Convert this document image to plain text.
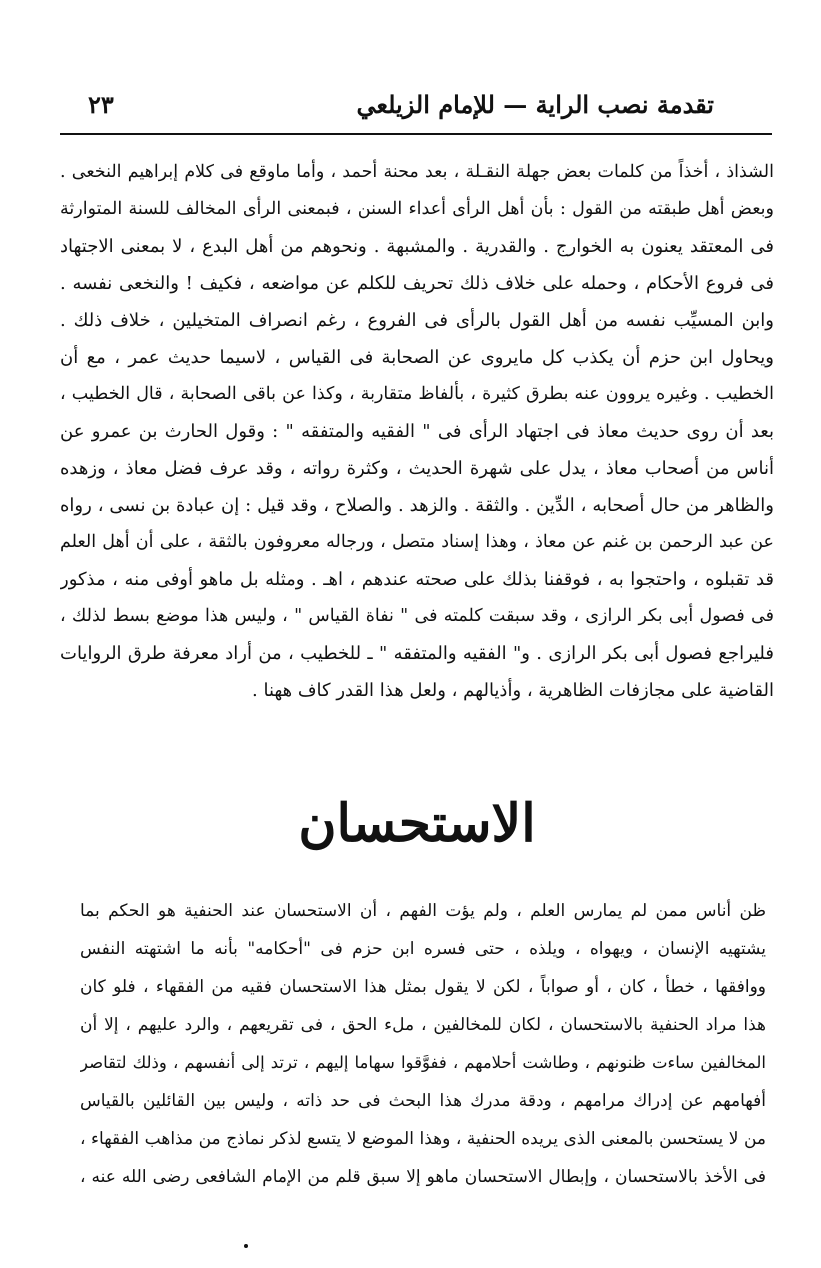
تقدمة نصب الراية — للإمام الزيلعي
٢٣
الشذاذ ، أخذاً من كلمات بعض جهلة النقـلة ، بعد محنة أحمد ، وأما ماوقع فى كلام إبراهيم النخعى .
وبعض أهل طبقته من القول : بأن أهل الرأى أعداء السنن ، فبمعنى الرأى المخالف للسنة المتوارثة
فى المعتقد يعنون به الخوارج . والقدرية . والمشبهة . ونحوهم من أهل البدع ، لا بمعنى الاجتهاد
فى فروع الأحكام ، وحمله على خلاف ذلك تحريف للكلم عن مواضعه ، فكيف ! والنخعى نفسه .
وابن المسيِّب نفسه من أهل القول بالرأى فى الفروع ، رغم انصراف المتخيلين ، خلاف ذلك .
ويحاول ابن حزم أن يكذب كل مايروى عن الصحابة فى القياس ، لاسيما حديث عمر ، مع أن
الخطيب . وغيره يروون عنه بطرق كثيرة ، بألفاظ متقاربة ، وكذا عن باقى الصحابة ، قال الخطيب ،
بعد أن روى حديث معاذ فى اجتهاد الرأى فى " الفقيه والمتفقه " : وقول الحارث بن عمرو عن
أناس من أصحاب معاذ ، يدل على شهرة الحديث ، وكثرة رواته ، وقد عرف فضل معاذ ، وزهده
والظاهر من حال أصحابه ، الدِّين . والثقة . والزهد . والصلاح ، وقد قيل : إن عبادة بن نسى ، رواه
عن عبد الرحمن بن غنم عن معاذ ، وهذا إسناد متصل ، ورجاله معروفون بالثقة ، على أن أهل العلم
قد تقبلوه ، واحتجوا به ، فوقفنا بذلك على صحته عندهم ، اهـ . ومثله بل ماهو أوفى منه ، مذكور
فى فصول أبى بكر الرازى ، وقد سبقت كلمته فى " نفاة القياس " ، وليس هذا موضع بسط لذلك ،
فليراجع فصول أبى بكر الرازى . و" الفقيه والمتفقه " ـ للخطيب ، من أراد معرفة طرق الروايات
القاضية على مجازفات الظاهرية ، وأذيالهم ، ولعل هذا القدر كاف ههنا .
الاستحسان
ظن أناس ممن لم يمارس العلم ، ولم يؤت الفهم ، أن الاستحسان عند الحنفية هو الحكم بما
يشتهيه الإنسان ، ويهواه ، ويلذه ، حتى فسره ابن حزم فى "أحكامه" بأنه ما اشتهته النفس
ووافقها ، خطأ ، كان ، أو صواباً ، لكن لا يقول بمثل هذا الاستحسان فقيه من الفقهاء ، فلو كان
هذا مراد الحنفية بالاستحسان ، لكان للمخالفين ، ملء الحق ، فى تقريعهم ، والرد عليهم ، إلا أن
المخالفين ساءت ظنونهم ، وطاشت أحلامهم ، ففوَّقوا سهاما إليهم ، ترتد إلى أنفسهم ، وذلك لتقاصر
أفهامهم عن إدراك مرامهم ، ودقة مدرك هذا البحث فى حد ذاته ، وليس بين القائلين بالقياس
من لا يستحسن بالمعنى الذى يريده الحنفية ، وهذا الموضع لا يتسع لذكر نماذج من مذاهب الفقهاء ،
فى الأخذ بالاستحسان ، وإبطال الاستحسان ماهو إلا سبق قلم من الإمام الشافعى رضى الله عنه ،
